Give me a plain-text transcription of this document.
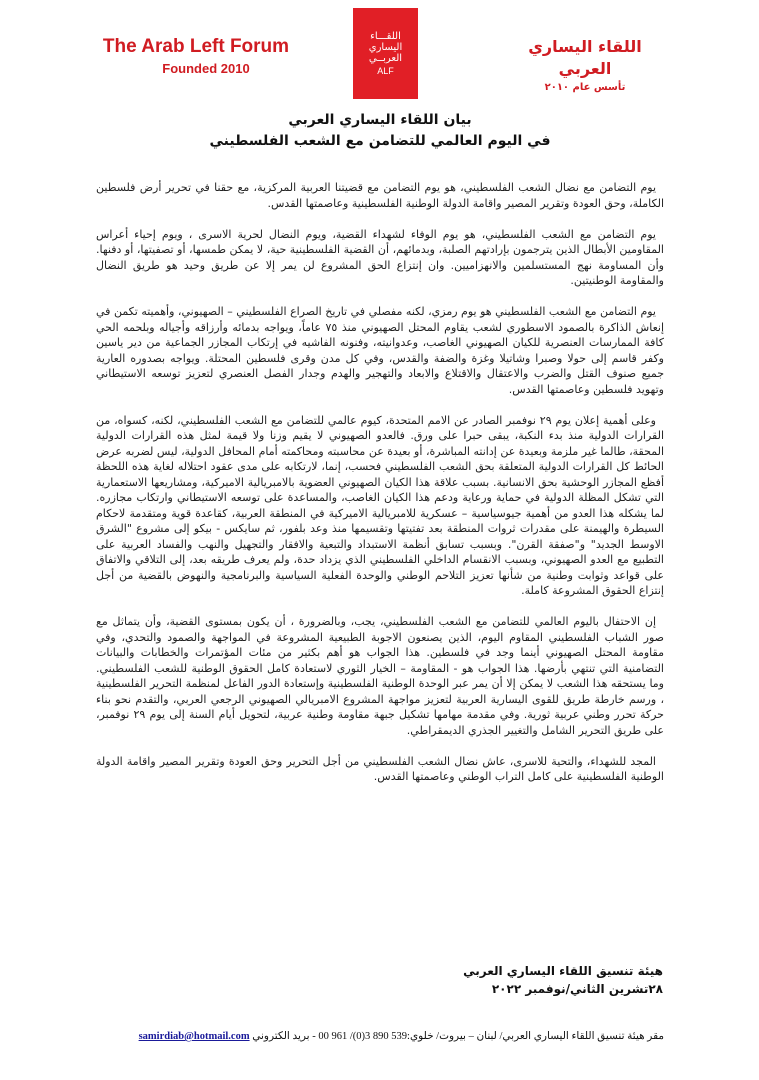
The Arab Left Forum
Founded 2010
اللقـــاء
اليساري
العربــي
ALF
اللقاء اليساري العربي
تأسس عام ٢٠١٠
بيان اللقاء اليساري العربي
في اليوم العالمي للتضامن مع الشعب الفلسطيني

يوم التضامن مع نضال الشعب الفلسطيني، هو يوم التضامن مع قضيتنا العربية المركزية، مع حقنا في تحرير أرض فلسطين الكاملة، وحق العودة وتقرير المصير واقامة الدولة الوطنية الفلسطينية وعاصمتها القدس.

يوم التضامن مع الشعب الفلسطيني، هو يوم الوفاء لشهداء القضية، ويوم النضال لحرية الاسرى ، ويوم إحياء أعراس المقاومين الأبطال الذين يترجمون بإرادتهم الصلبة، وبدمائهم، أن القضية الفلسطينية حية، لا يمكن طمسها، أو تصفيتها، أو دفنها. وأن المساومة نهج المستسلمين والانهزاميين. وان إنتزاع الحق المشروع لن يمر إلا عن طريق وحيد هو طريق النضال والمقاومة الوطنيتين.

يوم التضامن مع الشعب الفلسطيني هو يوم رمزي، لكنه مفصلي في تاريخ الصراع الفلسطيني – الصهيوني، وأهميته تكمن في إنعاش الذاكرة بالصمود الاسطوري لشعب يقاوم المحتل الصهيوني منذ ٧٥ عاماً، ويواجه بدمائه وأرزاقه وأجياله وبلحمه الحي كافة الممارسات العنصرية للكيان الصهيوني الغاصب، وعدوانيته، وفنونه الفاشيه في إرتكاب المجازر الجماعية من دير ياسين وكفر قاسم إلى حولا وصبرا وشاتيلا وغزة والضفة والقدس، وفي كل مدن وقرى فلسطين المحتلة. ويواجه بصدوره العارية جميع صنوف القتل والضرب والاعتقال والاقتلاع والابعاد والتهجير والهدم وجدار الفصل العنصري لتعزيز توسعه الاستيطاني وتهويد فلسطين وعاصمتها القدس.

وعلى أهمية إعلان يوم ٢٩ نوفمبر الصادر عن الامم المتحدة، كيوم عالمي للتضامن مع الشعب الفلسطيني، لكنه، كسواه، من القرارات الدولية منذ بدء النكبة، يبقى حبرا على ورق. فالعدو الصهيوني لا يقيم وزنا ولا قيمة لمثل هذه القرارات الدولية المحقة، طالما غير ملزمة وبعيدة عن إدانته المباشرة، أو بعيدة عن محاسبته ومحاكمته أمام المحافل الدولية، ليس لضربه عرض الحائط كل القرارات الدولية المتعلقة بحق الشعب الفلسطيني فحسب، إنما، لارتكابه على مدى عقود احتلاله لغاية هذه اللحظة أفظع المجازر الوحشية بحق الانسانية. بسبب علاقة هذا الكيان الصهيوني العضوية بالامبريالية الاميركية، ومشاريعها الاستعمارية التي تشكل المظلة الدولية في حماية ورعاية ودعم هذا الكيان الغاصب، والمساعدة على توسعه الاستيطاني وارتكاب مجازره. لما يشكله هذا العدو من أهمية جيوسياسية – عسكرية للامبريالية الاميركية في المنطقة العربية، كقاعدة قوية ومتقدمة لاحكام السيطرة والهيمنة على مقدرات ثروات المنطقة بعد تفتيتها وتقسيمها منذ وعد بلفور، ثم سايكس - بيكو إلى مشروع "الشرق الاوسط الجديد" و"صفقة القرن". وبسبب تسابق أنظمة الاستبداد والتبعية والافقار والتجهيل والنهب والفساد العربية على التطبيع مع العدو الصهيوني، وبسبب الانقسام الداخلي الفلسطيني الذي يزداد حدة، ولم يعرف طريقه بعد، إلى التلاقي والاتفاق على قواعد وثوابت وطنية من شأنها تعزيز التلاحم الوطني والوحدة الفعلية السياسية والبرنامجية والنهوض بالقضية من أجل إنتزاع الحقوق المشروعة كاملة.

إن الاحتفال باليوم العالمي للتضامن مع الشعب الفلسطيني، يجب، وبالضرورة ، أن يكون بمستوى القضية، وأن يتماثل مع صور الشباب الفلسطيني المقاوم اليوم، الذين يصنعون الاجوبة الطبيعية المشروعة في المواجهة والصمود والتحدي، وفي مقاومة المحتل الصهيوني أينما وجد في فلسطين. هذا الجواب هو أهم بكثير من مئات المؤتمرات والخطابات والبيانات التضامنية التي تنتهي بأرضها. هذا الجواب هو - المقاومة – الخيار الثوري لاستعادة كامل الحقوق الوطنية للشعب الفلسطيني. وما يستحقه هذا الشعب لا يمكن إلا أن يمر عبر الوحدة الوطنية الفلسطينية وإستعادة الدور الفاعل لمنظمة التحرير الفلسطينية ، ورسم خارطة طريق للقوى اليسارية العربية لتعزيز مواجهة المشروع الامبريالي الصهيوني الرجعي العربي، والتقدم نحو بناء حركة تحرر وطني عربية ثورية. وفي مقدمة مهامها تشكيل جبهة مقاومة وطنية عربية، لتحويل أيام السنة إلى يوم ٢٩ نوفمبر، على طريق التحرير الشامل والتغيير الجذري الديمقراطي.

المجد للشهداء، والتحية للاسرى، عاش نضال الشعب الفلسطيني من أجل التحرير وحق العودة وتقرير المصير واقامة الدولة الوطنية الفلسطينية على كامل التراب الوطني وعاصمتها القدس.

هيئة تنسيق اللقاء اليساري العربي
٢٨تشرين الثاني/نوفمبر ٢٠٢٢
مقر هيئة تنسيق اللقاء اليساري العربي/ لبنان – بيروت/ خلوي:539 890 3(0)/ 961 00 - بريد الكتروني samirdiab@hotmail.com
